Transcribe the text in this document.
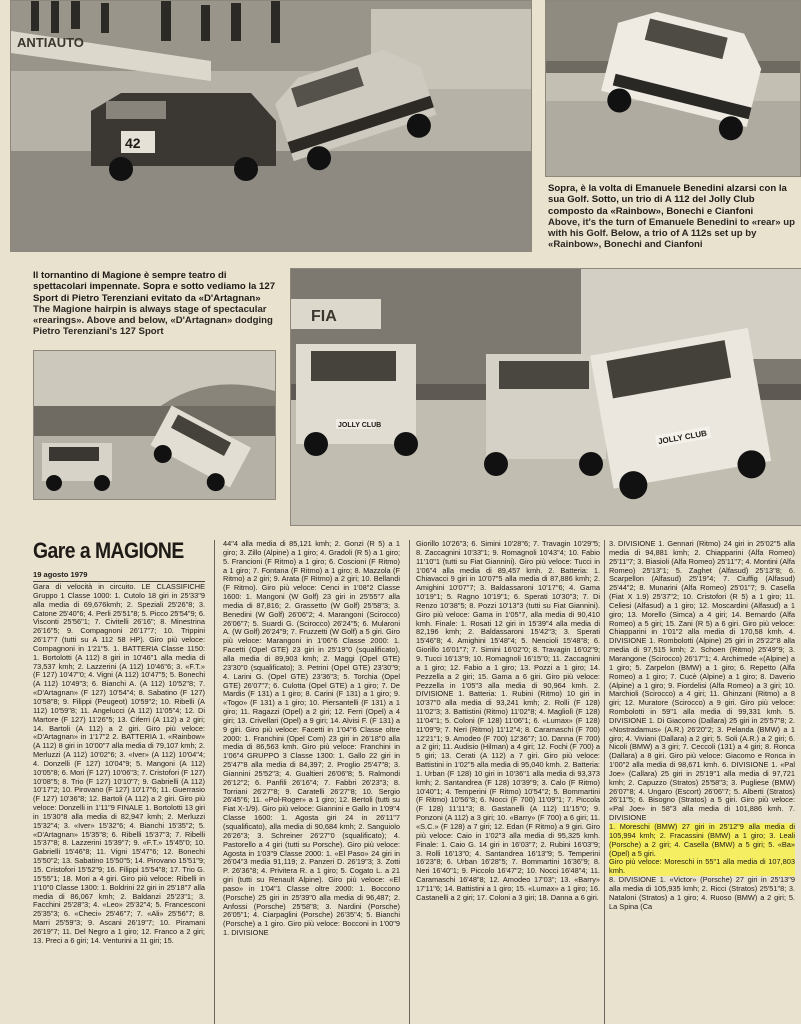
ANTIAUTO
42
Sopra, è la volta di Emanuele Benedini alzarsi con la sua Golf. Sotto, un trio di A 112 del Jolly Club composto da «Rainbow», Bonechi e Cianfoni
Above, it's the turn of Emanuele Benedini to «rear» up with his Golf. Below, a trio of A 112s set up by «Rainbow», Bonechi and Cianfoni
Il tornantino di Magione è sempre teatro di spettacolari impennate. Sopra e sotto vediamo la 127 Sport di Pietro Terenziani evitato da «D'Artagnan»
The Magione hairpin is always stage of spectacular «rearings». Above and below, «D'Artagnan» dodging Pietro Terenziani's 127 Sport
FIA
JOLLY CLUB
JOLLY CLUB
Gare a MAGIONE
19 agosto 1979

Gara di velocità in circuito. LE CLASSIFICHE Gruppo 1 Classe 1000: 1. Cutolo 18 giri in 25'33"9 alla media di 69,676kmh; 2. Speziali 25'26"8; 3. Catone 25'40"6; 4. Perli 25'51"8; 5. Picco 25'54"9; 6. Visconti 25'56"1; 7. Civitelli 26'16"; 8. Minestrina 26'16"5; 9. Compagnoni 26'17"7; 10. Trippini 26'17"7 (tutti su A 112 58 HP). Giro più veloce: Compagnoni in 1'21"5. 1. BATTERIA Classe 1150: 1. Bortolotti (A 112) 8 giri in 10'46"1 alla media di 73,537 kmh; 2. Lazzerini (A 112) 10'46"6; 3. «F.T.» (F 127) 10'47"0; 4. Vigni (A 112) 10'47"5; 5. Bonechi (A 112) 10'49"3; 6. Bianchi A. (A 112) 10'52"8; 7. «D'Artagnan» (F 127) 10'54"4; 8. Sabatino (F 127) 10'58"8; 9. Filippi (Peugeot) 10'59"2; 10. Ribelli (A 112) 10'59"8; 11. Angelucci (A 112) 11'05"4; 12. Di Martore (F 127) 11'26"5; 13. Ciferri (A 112) a 2 giri; 14. Bartoli (A 112) a 2 giri. Giro più veloce: «D'Artagnan» in 1'17"2 2. BATTERIA 1. «Rainbow» (A 112) 8 giri in 10'00"7 alla media di 79,107 kmh; 2. Merluzzi (A 112) 10'02"6; 3. «Iver» (A 112) 10'04"4; 4. Donzelli (F 127) 10'04"9; 5. Mangoni (A 112) 10'05"8; 6. Mori (F 127) 10'06"3; 7. Cristofori (F 127) 10'08"5; 8. Trio (F 127) 10'10"7; 9. Gabrielli (A 112) 10'17"2; 10. Pirovano (F 127) 10'17"6; 11. Guerrasio (F 127) 10'36"8; 12. Bartoli (A 112) a 2 giri. Giro più veloce: Donzelli in 1'11"9 FINALE 1. Bortolotti 13 giri in 15'30"8 alla media di 82,947 kmh; 2. Merluzzi 15'32"4; 3. «Iver» 15'32"6; 4. Bianchi 15'35"2; 5. «D'Artagnan» 15'35"8; 6. Ribelli 15'37"3; 7. Ribelli 15'37"8; 8. Lazzerini 15'39"7; 9. «F.T.» 15'45"0; 10. Gabrielli 15'46"8; 11. Vigni 15'47"6; 12. Bonechi 15'50"2; 13. Sabatino 15'50"5; 14. Pirovano 15'51"9; 15. Cristofori 15'52"9; 16. Filippi 15'54"8; 17. Trio G. 15'55"1; 18. Mori a 4 giri. Giro più veloce: Ribelli in 1'10"0 Classe 1300: 1. Boldrini 22 giri in 25'18"7 alla media di 86,067 kmh; 2. Baldanzi 25'23"1; 3. Facchini 25'28"3; 4. «Leo» 25'32"4; 5. Francesconi 25'35"3; 6. «Checi» 25'46"7; 7. «Ali» 25'56"7; 8. Marri 25'59"3; 9. Ascani 26'19"7; 10. Piramani 26'19"7; 11. Del Negro a 1 giro; 12. Franco a 2 giri; 13. Preci a 6 giri; 14. Venturini a 11 giri; 15.

44"4 alla media di 85,121 kmh; 2. Gonzi (R 5) a 1 giro; 3. Zillo (Alpine) a 1 giro; 4. Gradoli (R 5) a 1 giro; 5. Francioni (F Ritmo) a 1 giro; 6. Coscioni (F Ritmo) a 1 giro; 7. Fontana (F Ritmo) a 1 giro; 8. Mazzola (F Ritmo) a 2 giri; 9. Arata (F Ritmo) a 2 giri; 10. Bellandi (F Ritmo). Giro più veloce: Cenci in 1'08"2 Classe 1600: 1. Mangoni (W Golf) 23 giri in 25'55"7 alla media di 87,816; 2. Grassetto (W Golf) 25'58"3; 3. Benedini (W Golf) 26'06"2; 4. Marangoni (Scirocco) 26'06"7; 5. Suardi G. (Scirocco) 26'24"5; 6. Mularoni A. (W Golf) 26'24"9; 7. Fruzzetti (W Golf) a 5 giri. Giro più veloce: Marangoni in 1'06"6 Classe 2000: 1. Facetti (Opel GTE) 23 giri in 25'19"0 (squalificato), alla media di 89,903 kmh; 2. Maggi (Opel GTE) 23'30"0 (squalificato); 3. Petrini (Opel GTE) 23'30"9; 4. Larini G. (Opel GTE) 23'36"3; 5. Torchia (Opel GTE) 26'07"7; 6. Culotta (Opel GTE) a 1 giro; 7. De Mardis (F 131) a 1 giro; 8. Carini (F 131) a 1 giro; 9. «Togo» (F 131) a 1 giro; 10. Piersantelli (F 131) a 1 giro; 11. Ragazzi (Opel) a 2 giri; 12. Ferri (Opel) a 4 giri; 13. Crivellari (Opel) a 9 giri; 14. Alvisi F. (F 131) a 9 giri. Giro più veloce: Facetti in 1'04"6 Classe oltre 2000: 1. Franchini (Opel Com) 23 giri in 26'18"0 alla media di 86,563 kmh. Giro più veloce: Franchini in 1'06"4 GRUPPO 3 Classe 1300: 1. Gallo 22 giri in 25'47"8 alla media di 84,397; 2. Proglio 25'47"8; 3. Giannini 25'52"3; 4. Gualtieri 26'06"8; 5. Ralmondi 26'12"2; 6. Panfili 26'16"4; 7. Fabbri 26'23"3; 8. Torriani 26'27"8; 9. Caratelli 26'27"8; 10. Sergio 26'45"6; 11. «Pol-Roger» a 1 giro; 12. Bertoli (tutti su Fiat X-1/9). Giro più veloce: Giannini e Gallo in 1'09"4 Classe 1600: 1. Agosta giri 24 in 26'11"7 (squalificato), alla media di 90,684 kmh; 2. Sanguiolo 26'26"3; 3. Schreiner 26'27"0 (squalificato); 4. Pastorello a 4 giri (tutti su Porsche). Giro più veloce: Agosta in 1'03"9 Classe 2000: 1. «El Paso» 24 giri in 26'04"3 media 91,119; 2. Panzeri D. 26'19"3; 3. Zotti P. 26'36"8; 4. Privitera R. a 1 giro; 5. Cogato L. a 21 giri (tutti su Renault Alpine). Giro più veloce: «El paso» in 1'04"1 Classe oltre 2000: 1. Boccono (Porsche) 25 giri in 25'39"0 alla media di 96,487; 2. Anfossi (Porsche) 25'58"8; 3. Nardini (Porsche) 26'05"1; 4. Ciarpaglini (Porsche) 26'35"4; 5. Bianchi (Porsche) a 1 giro. Giro più veloce: Bocconi in 1'00"9 1. DIVISIONE

Giorillo 10'26"3; 6. Simini 10'28"6; 7. Travagin 10'29"5; 8. Zaccagnini 10'33"1; 9. Romagnoli 10'43"4; 10. Fabio 11'10"1 (tutti su Fiat Giannini). Giro più veloce: Tucci in 1'06"4 alla media di 89,457 kmh. 2. Batteria: 1. Chiavacci 9 giri in 10'07"5 alla media di 87,886 kmh; 2. Amighini 10'07"7; 3. Baldassaroni 10'17"6; 4. Gama 10'19"1; 5. Ragno 10'19"1; 6. Sperati 10'30"3; 7. Di Renzo 10'38"5; 8. Pozzi 10'13"3 (tutti su Fiat Giannini). Giro più veloce: Gama in 1'05"7, alla media di 90,410 kmh. Finale: 1. Rosati 12 giri in 15'39"4 alla media di 82,196 kmh; 2. Baldassaroni 15'42"3; 3. Sperati 15'46"8; 4. Amighini 15'48"4; 5. Nencioli 15'48"8; 6. Giorillo 16'01"7; 7. Simini 16'02"0; 8. Travagin 16'02"9; 9. Tucci 16'13"9; 10. Romagnoli 16'15"0; 11. Zaccagnini a 1 giro; 12. Fabio a 1 giro; 13. Pozzi a 1 giro; 14. Pezzella a 2 giri; 15. Gama a 6 giri. Giro più veloce: Pezzella in 1'05"3 alla media di 90,964 kmh. 2. DIVISIONE 1. Batteria: 1. Rubini (Ritmo) 10 giri in 10'37"0 alla media di 93,241 kmh; 2. Rolli (F 128) 11'02"3; 3. Battistini (Ritmo) 11'02"8; 4. Magliolì (F 128) 11'04"1; 5. Coloni (F 128) 11'06"1; 6. «Lumax» (F 128) 11'09"9; 7. Neri (Ritmo) 11'12"4; 8. Caramaschi (F 700) 12'21"1; 9. Amodeo (F 700) 12'36"7; 10. Danna (F 700) a 2 giri; 11. Audisio (Hilman) a 4 giri; 12. Fochi (F 700) a 5 giri; 13. Cerati (A 112) a 7 giri. Giro più veloce: Battistini in 1'02"5 alla media di 95,040 kmh. 2. Batteria: 1. Urban (F 128) 10 giri in 10'36"1 alla media di 93,373 kmh; 2. Santandrea (F 128) 10'39"9; 3. Calo (F Ritmo) 10'40"1; 4. Temperini (F Ritmo) 10'54"2; 5. Bommartini (F Ritmo) 10'56"8; 6. Nocci (F 700) 11'09"1; 7. Piccola (F 128) 11'11"3; 8. Gastanelli (A 112) 11'15"0; 9. Ponzoni (A 112) a 3 giri; 10. «Barry» (F 700) a 6 giri; 11. «S.C.» (F 128) a 7 giri; 12. Edan (F Ritmo) a 9 giri. Giro più veloce: Caio in 1'02"3 alla media di 95,325 kmh. Finale: 1. Caio G. 14 giri in 16'03"7; 2. Rubini 16'03"9; 3. Rolli 16'13"0; 4. Santandrea 16'13"9; 5. Temperini 16'23"8; 6. Urban 16'28"5; 7. Bommartini 16'36"9; 8. Neri 16'40"1; 9. Piccolo 16'47"2; 10. Nocci 16'48"4; 11. Caramaschi 16'48"8; 12. Amodeo 17'03"; 13. «Barry» 17'11"6; 14. Battistini a 1 giro; 15. «Lumax» a 1 giro; 16. Castanelli a 2 giri; 17. Coloni a 3 giri; 18. Danna a 6 giri.

3. DIVISIONE 1. Gennari (Ritmo) 24 giri in 25'02"5 alla media di 94,881 kmh; 2. Chiapparini (Alfa Romeo) 25'11"7; 3. Biasioli (Alfa Romeo) 25'11"7; 4. Montini (Alfa Romeo) 25'13"1; 5. Zaghet (Alfasud) 25'13"8; 6. Scarpellon (Alfasud) 25'19"4; 7. Ciuffig (Alfasud) 25'44"2; 8. Munarini (Alfa Romeo) 25'01"7; 9. Casella (Fiat X 1.9) 25'37"2; 10. Cristofori (R 5) a 1 giro; 11. Celiesi (Alfasud) a 1 giro; 12. Moscardini (Alfasud) a 1 giro; 13. Morello (Simca) a 4 giri; 14. Bernardo (Alfa Romeo) a 5 giri; 15. Zani (R 5) a 6 giri. Giro più veloce: Chiapparini in 1'01"2 alla media di 170,58 kmh. 4. DIVISIONE 1. Rombolotti (Alpine) 25 giri in 25'22"8 alla media di 97,515 kmh; 2. Schoen (Ritmo) 25'49"9; 3. Marangone (Scirocco) 26'17"1; 4. Archimede «(Alpine) a 1 giro; 5. Zarpelon (BMW) a 1 giro; 6. Repetto (Alfa Romeo) a 1 giro; 7. Cucè (Alpine) a 1 giro; 8. Daverio (Alpine) a 1 giro; 9. Fiordelisi (Alfa Romeo) a 3 giri; 10. Marchioli (Scirocco) a 4 giri; 11. Ghinzani (Ritmo) a 8 giri; 12. Muratore (Scirocco) a 9 giri. Giro più veloce: Rombolotti in 59"1 alla media di 99,331 kmh. 5. DIVISIONE 1. Di Giacomo (Dallara) 25 giri in 25'57"8; 2. «Nostradamus» (A.R.) 26'20"2; 3. Pelanda (BMW) a 1 giro; 4. Viviani (Dallara) a 2 giri; 5. Soli (A.R.) a 2 giri; 6. Nicoli (BMW) a 3 giri; 7. Ceccoli (131) a 4 giri; 8. Ronca (Dallara) a 8 giri. Giro più veloce: Giacomo e Ronca in 1'00"2 alla media di 98,671 kmh. 6. DIVISIONE 1. «Pal Joe» (Callara) 25 giri in 25'19"1 alla media di 97,721 kmh; 2. Capuzzo (Stratos) 25'58"3; 3. Pugliese (BMW) 26'07"8; 4. Ungaro (Escort) 26'06"7; 5. Alberti (Stratos) 26'11"5; 6. Bisogno (Stratos) a 5 giri. Giro più veloce: «Pal Joe» in 58"3 alla media di 101,886 kmh. 7. DIVISIONE

1. Moreschi (BMW) 27 giri in 25'12"9 alla media di 105,994 kmh; 2. Fracassini (BMW) a 1 giro; 3. Leali (Porsche) a 2 giri; 4. Casella (BMW) a 5 giri; 5. «Ba» (Opel) a 5 giri.

Giro più veloce: Moreschi in 55"1 alla media di 107,803 kmh.

8. DIVISIONE 1. «Victor» (Porsche) 27 giri in 25'13"9 alla media di 105,935 kmh; 2. Ricci (Stratos) 25'51"8; 3. Nataloni (Stratos) a 1 giro; 4. Ruoso (BMW) a 2 giri; 5. La Spina (Ca
